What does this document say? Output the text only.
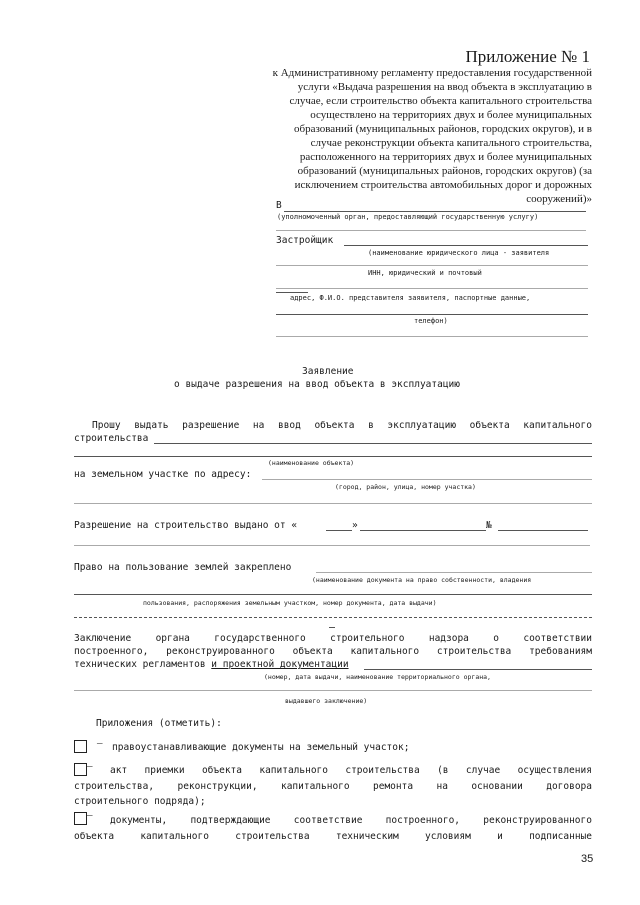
Приложение № 1
к Административному регламенту предоставления государственной
услуги «Выдача разрешения на ввод объекта в эксплуатацию в
случае, если строительство объекта капитального строительства
осуществлено на территориях двух и более муниципальных
образований (муниципальных районов, городских округов), и в
случае реконструкции объекта капитального строительства,
расположенного на территориях двух и более муниципальных
образований (муниципальных районов, городских округов) (за
исключением строительства автомобильных дорог и дорожных
сооружений)»
В
(уполномоченный орган, предоставляющий государственную услугу)
Застройщик
(наименование юридического лица - заявителя
ИНН, юридический и почтовый
адрес, Ф.И.О. представителя заявителя, паспортные данные,
телефон)
Заявление
о выдаче разрешения на ввод объекта в эксплуатацию
Прошу выдать разрешение на ввод объекта в эксплуатацию объекта капитального
строительства
(наименование объекта)
на земельном участке по адресу:
(город, район, улица, номер участка)
Разрешение на строительство выдано от «	»	№
Право на пользование землей закреплено
(наименование документа на право собственности, владения
пользования, распоряжения земельным участком, номер документа, дата выдачи)
Заключение	органа	государственного	строительного	надзора	о	соответствии
построенного, реконструированного объекта капитального строительства требованиям
технических регламентов и проектной документации
(номер, дата выдачи, наименование территориального органа,
выдавшего заключение)
Приложения (отметить):
– правоустанавливающие документы на земельный участок;
– акт приемки объекта капитального строительства (в случае осуществления
строительства, реконструкции, капитального ремонта на основании договора
строительного подряда);
– документы, подтверждающие соответствие построенного, реконструированного
объекта	капитального	строительства	техническим	условиям	и	подписанные
35
